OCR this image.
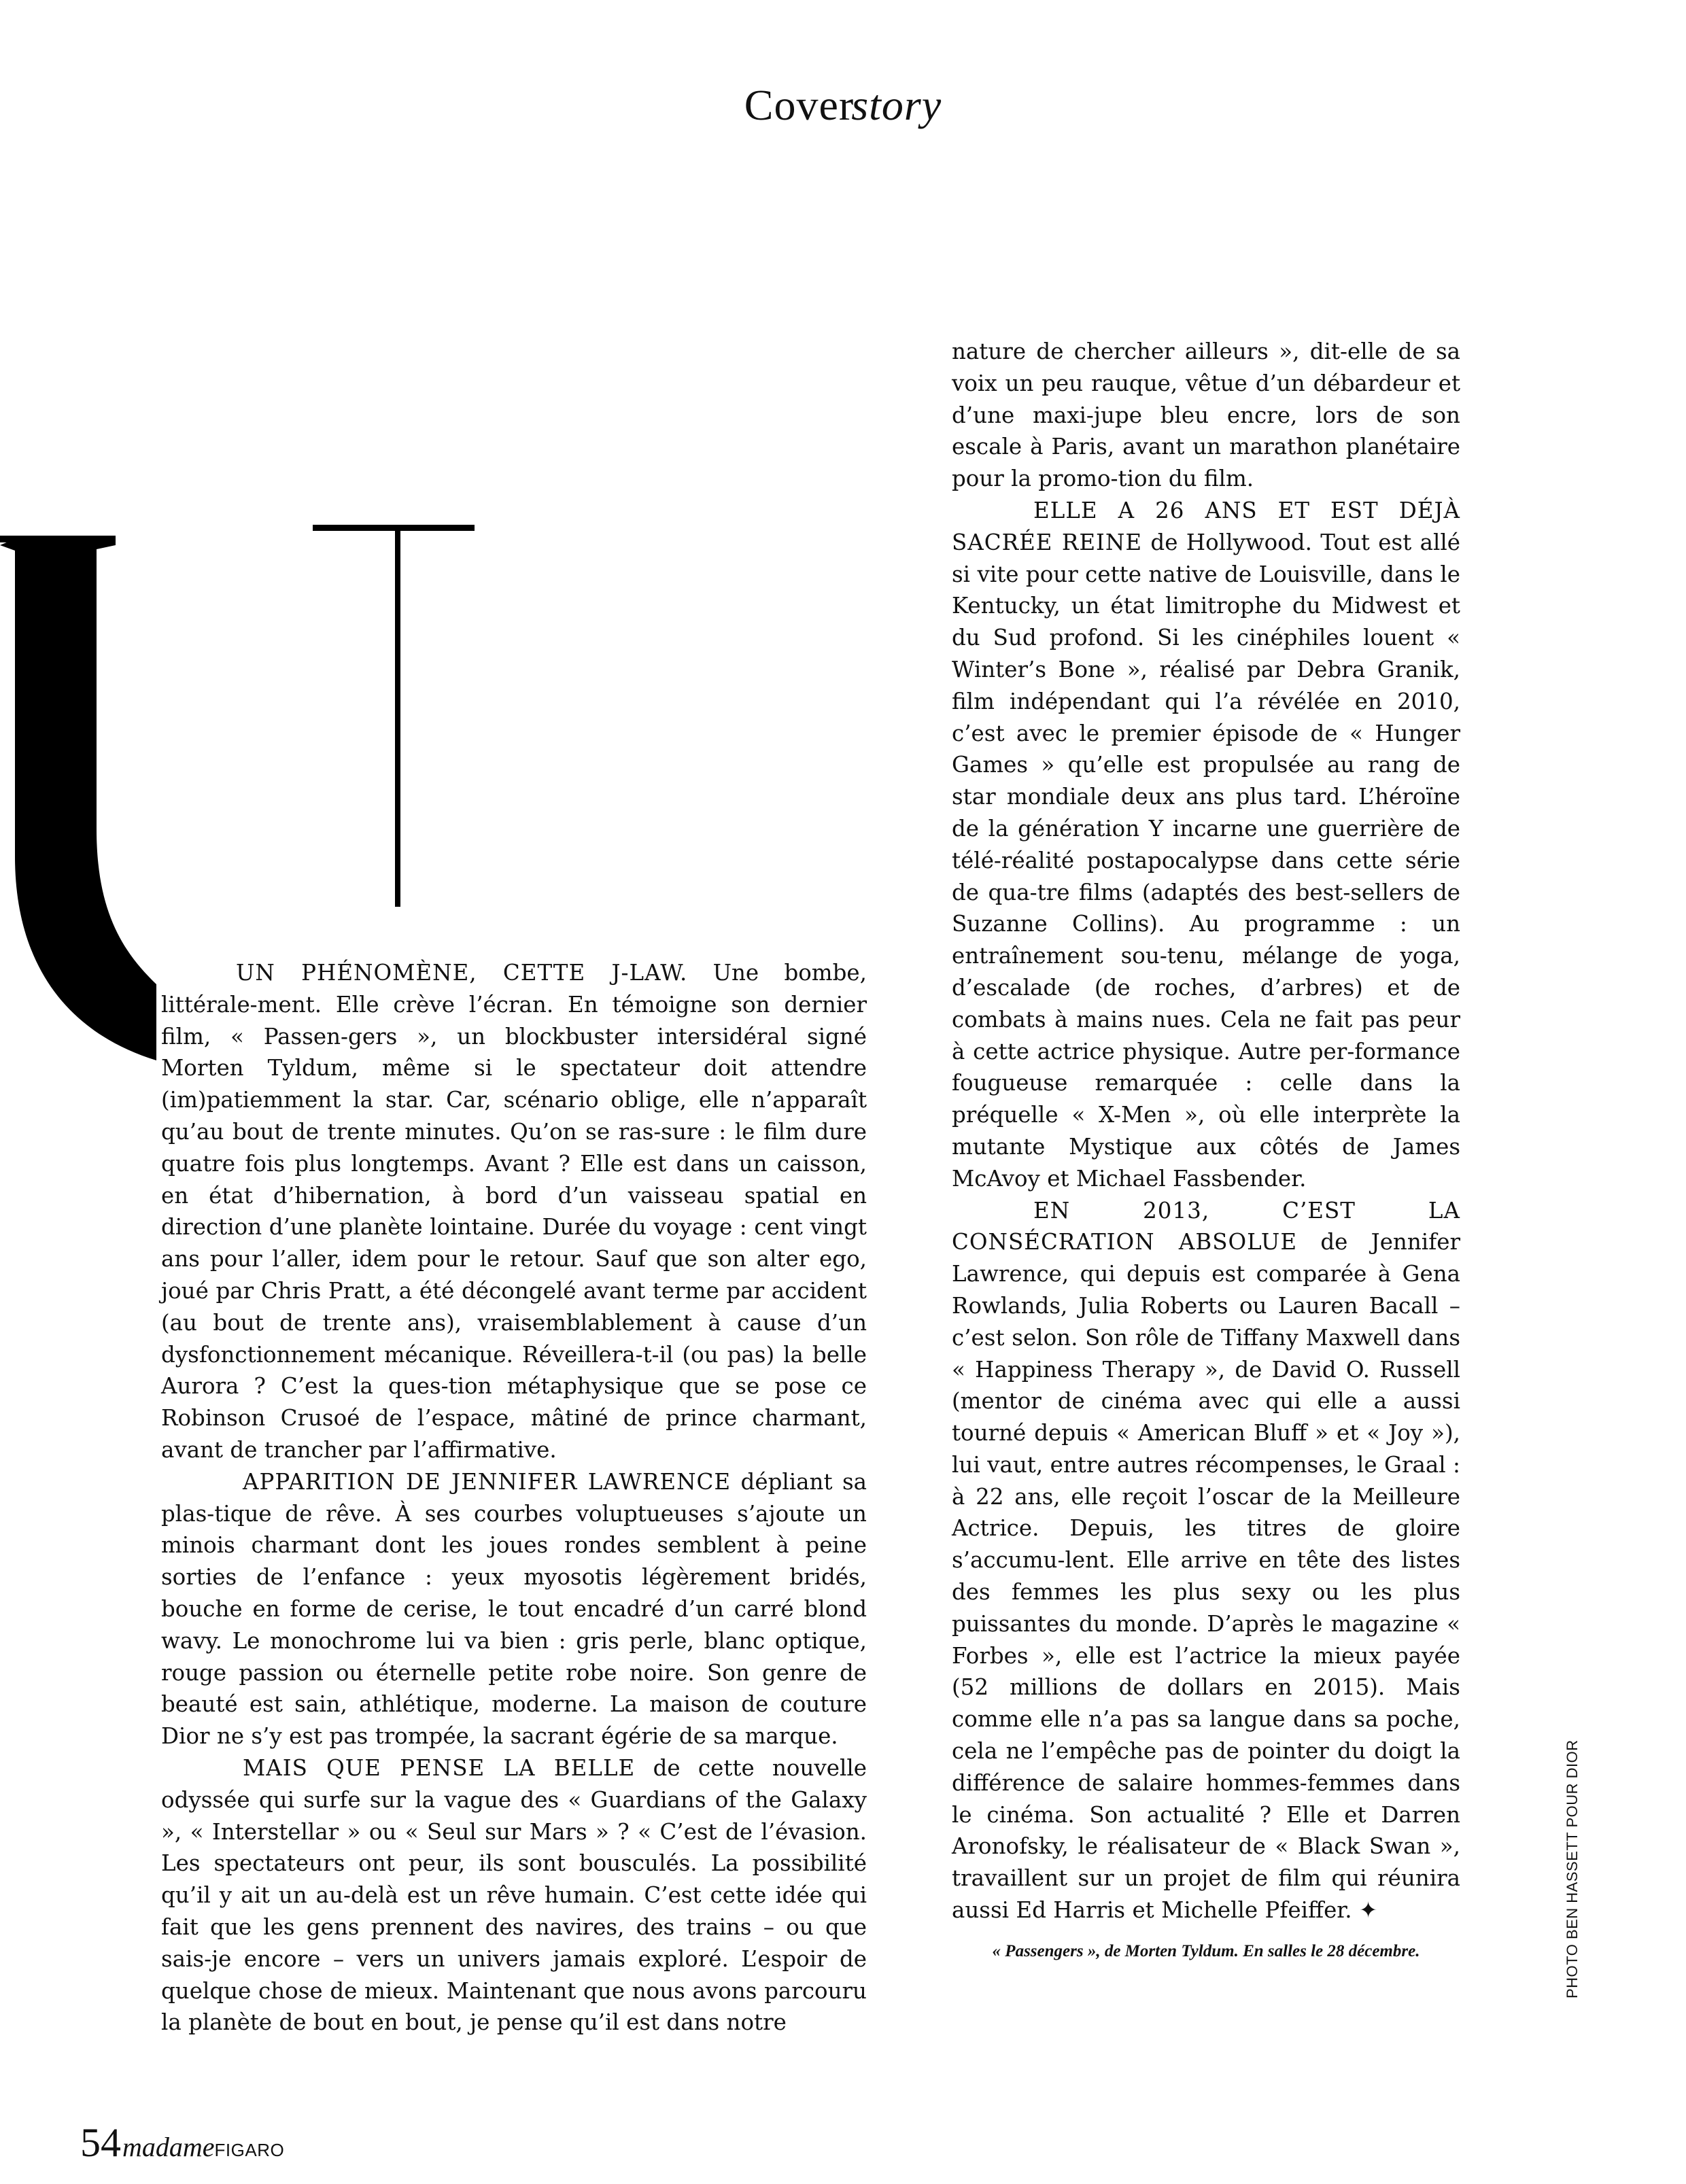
Coverstory

UN PHÉNOMÈNE, CETTE J-LAW. Une bombe, littérale-ment. Elle crève l’écran. En témoigne son dernier film, « Passen-gers », un blockbuster intersidéral signé Morten Tyldum, même si le spectateur doit attendre (im)patiemment la star. Car, scénario oblige, elle n’apparaît qu’au bout de trente minutes. Qu’on se ras-sure : le film dure quatre fois plus longtemps. Avant ? Elle est dans un caisson, en état d’hibernation, à bord d’un vaisseau spatial en direction d’une planète lointaine. Durée du voyage : cent vingt ans pour l’aller, idem pour le retour. Sauf que son alter ego, joué par Chris Pratt, a été décongelé avant terme par accident (au bout de trente ans), vraisemblablement à cause d’un dysfonctionnement mécanique. Réveillera-t-il (ou pas) la belle Aurora ? C’est la ques-tion métaphysique que se pose ce Robinson Crusoé de l’espace, mâtiné de prince charmant, avant de trancher par l’affirmative.

APPARITION DE JENNIFER LAWRENCE dépliant sa plas-tique de rêve. À ses courbes voluptueuses s’ajoute un minois charmant dont les joues rondes semblent à peine sorties de l’enfance : yeux myosotis légèrement bridés, bouche en forme de cerise, le tout encadré d’un carré blond wavy. Le monochrome lui va bien : gris perle, blanc optique, rouge passion ou éternelle petite robe noire. Son genre de beauté est sain, athlétique, moderne. La maison de couture Dior ne s’y est pas trompée, la sacrant égérie de sa marque.

MAIS QUE PENSE LA BELLE de cette nouvelle odyssée qui surfe sur la vague des « Guardians of the Galaxy », « Interstellar » ou « Seul sur Mars » ? « C’est de l’évasion. Les spectateurs ont peur, ils sont bousculés. La possibilité qu’il y ait un au-delà est un rêve humain. C’est cette idée qui fait que les gens prennent des navires, des trains – ou que sais-je encore – vers un univers jamais exploré. L’espoir de quelque chose de mieux. Maintenant que nous avons parcouru la planète de bout en bout, je pense qu’il est dans notre

nature de chercher ailleurs », dit-elle de sa voix un peu rauque, vêtue d’un débardeur et d’une maxi-jupe bleu encre, lors de son escale à Paris, avant un marathon planétaire pour la promo-tion du film.

ELLE A 26 ANS ET EST DÉJÀ SACRÉE REINE de Hollywood. Tout est allé si vite pour cette native de Louisville, dans le Kentucky, un état limitrophe du Midwest et du Sud profond. Si les cinéphiles louent « Winter’s Bone », réalisé par Debra Granik, film indépendant qui l’a révélée en 2010, c’est avec le premier épisode de « Hunger Games » qu’elle est propulsée au rang de star mondiale deux ans plus tard. L’héroïne de la génération Y incarne une guerrière de télé-réalité postapocalypse dans cette série de qua-tre films (adaptés des best-sellers de Suzanne Collins). Au programme : un entraînement sou-tenu, mélange de yoga, d’escalade (de roches, d’arbres) et de combats à mains nues. Cela ne fait pas peur à cette actrice physique. Autre per-formance fougueuse remarquée : celle dans la préquelle « X-Men », où elle interprète la mutante Mystique aux côtés de James McAvoy et Michael Fassbender.

EN 2013, C’EST LA CONSÉCRATION ABSOLUE de Jennifer Lawrence, qui depuis est comparée à Gena Rowlands, Julia Roberts ou Lauren Bacall – c’est selon. Son rôle de Tiffany Maxwell dans « Happiness Therapy », de David O. Russell (mentor de cinéma avec qui elle a aussi tourné depuis « American Bluff » et « Joy »), lui vaut, entre autres récompenses, le Graal : à 22 ans, elle reçoit l’oscar de la Meilleure Actrice. Depuis, les titres de gloire s’accumu-lent. Elle arrive en tête des listes des femmes les plus sexy ou les plus puissantes du monde. D’après le magazine « Forbes », elle est l’actrice la mieux payée (52 millions de dollars en 2015). Mais comme elle n’a pas sa langue dans sa poche, cela ne l’empêche pas de pointer du doigt la différence de salaire hommes-femmes dans le cinéma. Son actualité ? Elle et Darren Aronofsky, le réalisateur de « Black Swan », travaillent sur un projet de film qui réunira aussi Ed Harris et Michelle Pfeiffer. ✦

« Passengers », de Morten Tyldum. En salles le 28 décembre.	PHOTO BEN HASSETT POUR DIOR
54madameFIGARO
